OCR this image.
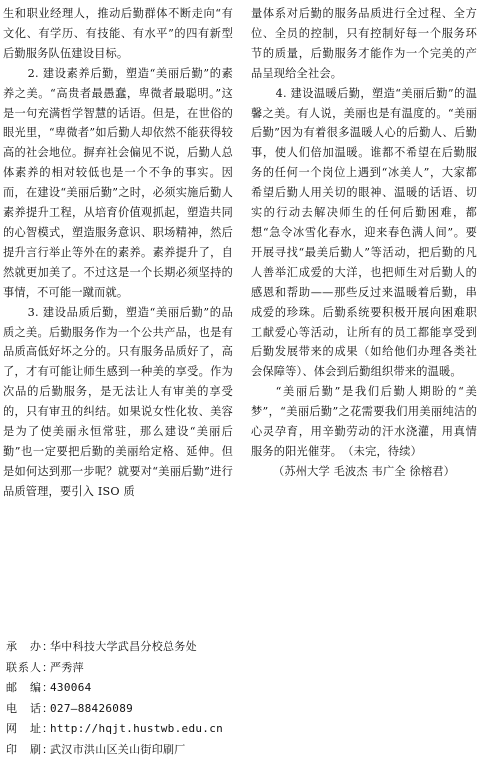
生和职业经理人，推动后勤群体不断走向“有文化、有学历、有技能、有水平”的四有新型后勤服务队伍建设目标。

2. 建设素养后勤，塑造“美丽后勤”的素养之美。“高贵者最愚蠢，卑微者最聪明。”这是一句充满哲学智慧的话语。但是，在世俗的眼光里，“卑微者”如后勤人却依然不能获得较高的社会地位。摒弃社会偏见不说，后勤人总体素养的相对较低也是一个不争的事实。因而，在建设“美丽后勤”之时，必须实施后勤人素养提升工程，从培育价值观抓起，塑造共同的心智模式，塑造服务意识、职场精神，然后提升言行举止等外在的素养。素养提升了，自然就更加美了。不过这是一个长期必须坚持的事情，不可能一蹴而就。

3. 建设品质后勤，塑造“美丽后勤”的品质之美。后勤服务作为一个公共产品，也是有品质高低好坏之分的。只有服务品质好了，高了，才有可能让师生感到一种美的享受。作为次品的后勤服务，是无法让人有审美的享受的，只有审丑的纠结。如果说女性化妆、美容是为了使美丽永恒常驻，那么建设“美丽后勤”也一定要把后勤的美丽给定格、延伸。但是如何达到那一步呢？就要对“美丽后勤”进行品质管理，要引入 ISO 质

量体系对后勤的服务品质进行全过程、全方位、全员的控制，只有控制好每一个服务环节的质量，后勤服务才能作为一个完美的产品呈现给全社会。

4. 建设温暖后勤，塑造“美丽后勤”的温馨之美。有人说，美丽也是有温度的。“美丽后勤”因为有着很多温暖人心的后勤人、后勤事，使人们倍加温暖。谁都不希望在后勤服务的任何一个岗位上遇到“冰美人”，大家都希望后勤人用关切的眼神、温暖的话语、切实的行动去解决师生的任何后勤困难，都想“急令冰雪化春水，迎来春色满人间”。要开展寻找“最美后勤人”等活动，把后勤的凡人善举汇成爱的大洋，也把师生对后勤人的感恩和帮助——那些反过来温暖着后勤，串成爱的珍珠。后勤系统要积极开展向困难职工献爱心等活动，让所有的员工都能享受到后勤发展带来的成果（如给他们办理各类社会保障等）、体会到后勤组织带来的温暖。

“美丽后勤”是我们后勤人期盼的“美梦”，“美丽后勤”之花需要我们用美丽纯洁的心灵孕育，用辛勤劳动的汗水浇灌，用真情服务的阳光催芽。　（未完，待续）

（苏州大学 毛波杰 韦广全 徐榕君）

承　办：华中科技大学武昌分校总务处
联系人：严秀萍
邮　编：430064
电　话：027—88426089
网　址：http://hqjt.hustwb.edu.cn
印　刷：武汉市洪山区关山街印刷厂
